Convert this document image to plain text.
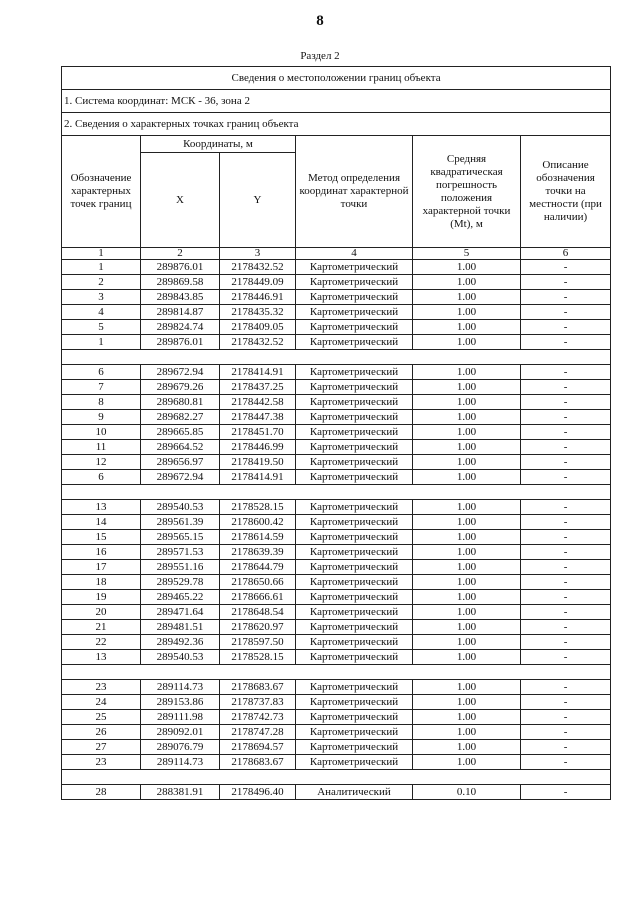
8
Раздел 2
Сведения о местоположении границ объекта					
1. Система координат: МСК - 36, зона 2					
2. Сведения о характерных точках границ объекта					
Обозначение характерных точек границ	Координаты, м		Метод определения координат характерной точки	Средняя квадратическая погрешность положения характерной точки (Mt), м	Описание обозначения точки на местности (при наличии)
	X	Y			
1	2	3	4	5	6
1	289876.01	2178432.52	Картометрический	1.00	-
2	289869.58	2178449.09	Картометрический	1.00	-
3	289843.85	2178446.91	Картометрический	1.00	-
4	289814.87	2178435.32	Картометрический	1.00	-
5	289824.74	2178409.05	Картометрический	1.00	-
1	289876.01	2178432.52	Картометрический	1.00	-

6	289672.94	2178414.91	Картометрический	1.00	-
7	289679.26	2178437.25	Картометрический	1.00	-
8	289680.81	2178442.58	Картометрический	1.00	-
9	289682.27	2178447.38	Картометрический	1.00	-
10	289665.85	2178451.70	Картометрический	1.00	-
11	289664.52	2178446.99	Картометрический	1.00	-
12	289656.97	2178419.50	Картометрический	1.00	-
6	289672.94	2178414.91	Картометрический	1.00	-

13	289540.53	2178528.15	Картометрический	1.00	-
14	289561.39	2178600.42	Картометрический	1.00	-
15	289565.15	2178614.59	Картометрический	1.00	-
16	289571.53	2178639.39	Картометрический	1.00	-
17	289551.16	2178644.79	Картометрический	1.00	-
18	289529.78	2178650.66	Картометрический	1.00	-
19	289465.22	2178666.61	Картометрический	1.00	-
20	289471.64	2178648.54	Картометрический	1.00	-
21	289481.51	2178620.97	Картометрический	1.00	-
22	289492.36	2178597.50	Картометрический	1.00	-
13	289540.53	2178528.15	Картометрический	1.00	-

23	289114.73	2178683.67	Картометрический	1.00	-
24	289153.86	2178737.83	Картометрический	1.00	-
25	289111.98	2178742.73	Картометрический	1.00	-
26	289092.01	2178747.28	Картометрический	1.00	-
27	289076.79	2178694.57	Картометрический	1.00	-
23	289114.73	2178683.67	Картометрический	1.00	-

28	288381.91	2178496.40	Аналитический	0.10	-
